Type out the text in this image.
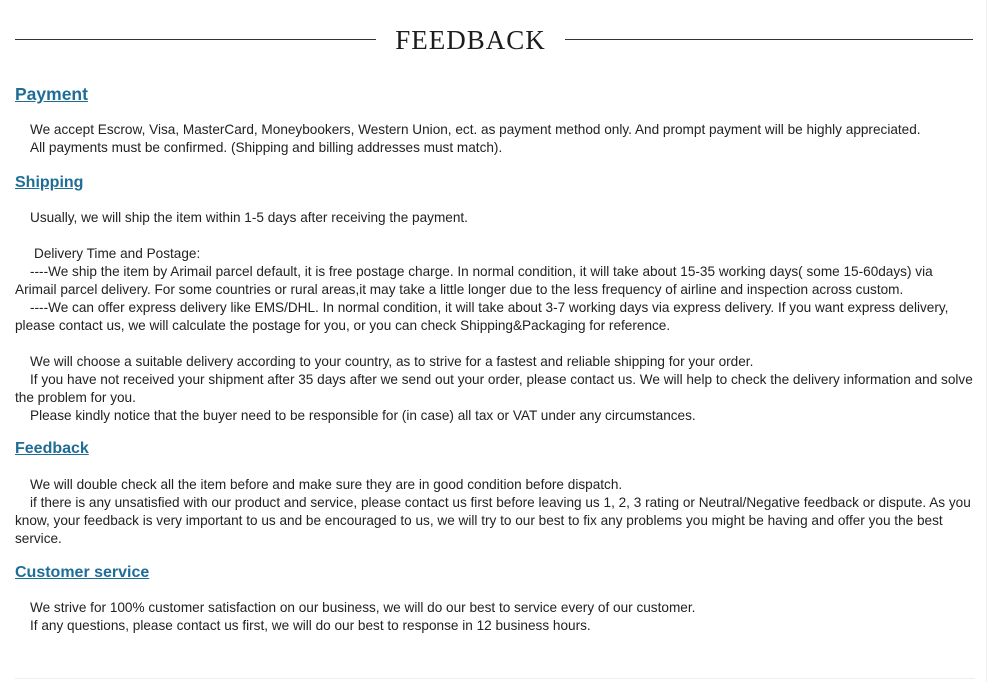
FEEDBACK
Payment

We accept Escrow, Visa, MasterCard, Moneybookers, Western Union, ect. as payment method only. And prompt payment will be highly appreciated.

All payments must be confirmed. (Shipping and billing addresses must match).

Shipping

Usually, we will ship the item within 1-5 days after receiving the payment.

Delivery Time and Postage:

----We ship the item by Arimail parcel default, it is free postage charge. In normal condition, it will take about 15-35 working days( some 15-60days) via Arimail parcel delivery. For some countries or rural areas,it may take a little longer due to the less frequency of airline and inspection across custom.

----We can offer express delivery like EMS/DHL. In normal condition, it will take about 3-7 working days via express delivery. If you want express delivery, please contact us, we will calculate the postage for you, or you can check Shipping&Packaging for reference.

We will choose a suitable delivery according to your country, as to strive for a fastest and reliable shipping for your order.

If you have not received your shipment after 35 days after we send out your order, please contact us. We will help to check the delivery information and solve the problem for you.

Please kindly notice that the buyer need to be responsible for (in case) all tax or VAT under any circumstances.

Feedback

We will double check all the item before and make sure they are in good condition before dispatch.

if there is any unsatisfied with our product and service, please contact us first before leaving us 1, 2, 3 rating or Neutral/Negative feedback or dispute. As you know, your feedback is very important to us and be encouraged to us, we will try to our best to fix any problems you might be having and offer you the best service.

Customer service

We strive for 100% customer satisfaction on our business, we will do our best to service every of our customer.

If any questions, please contact us first, we will do our best to response in 12 business hours.
